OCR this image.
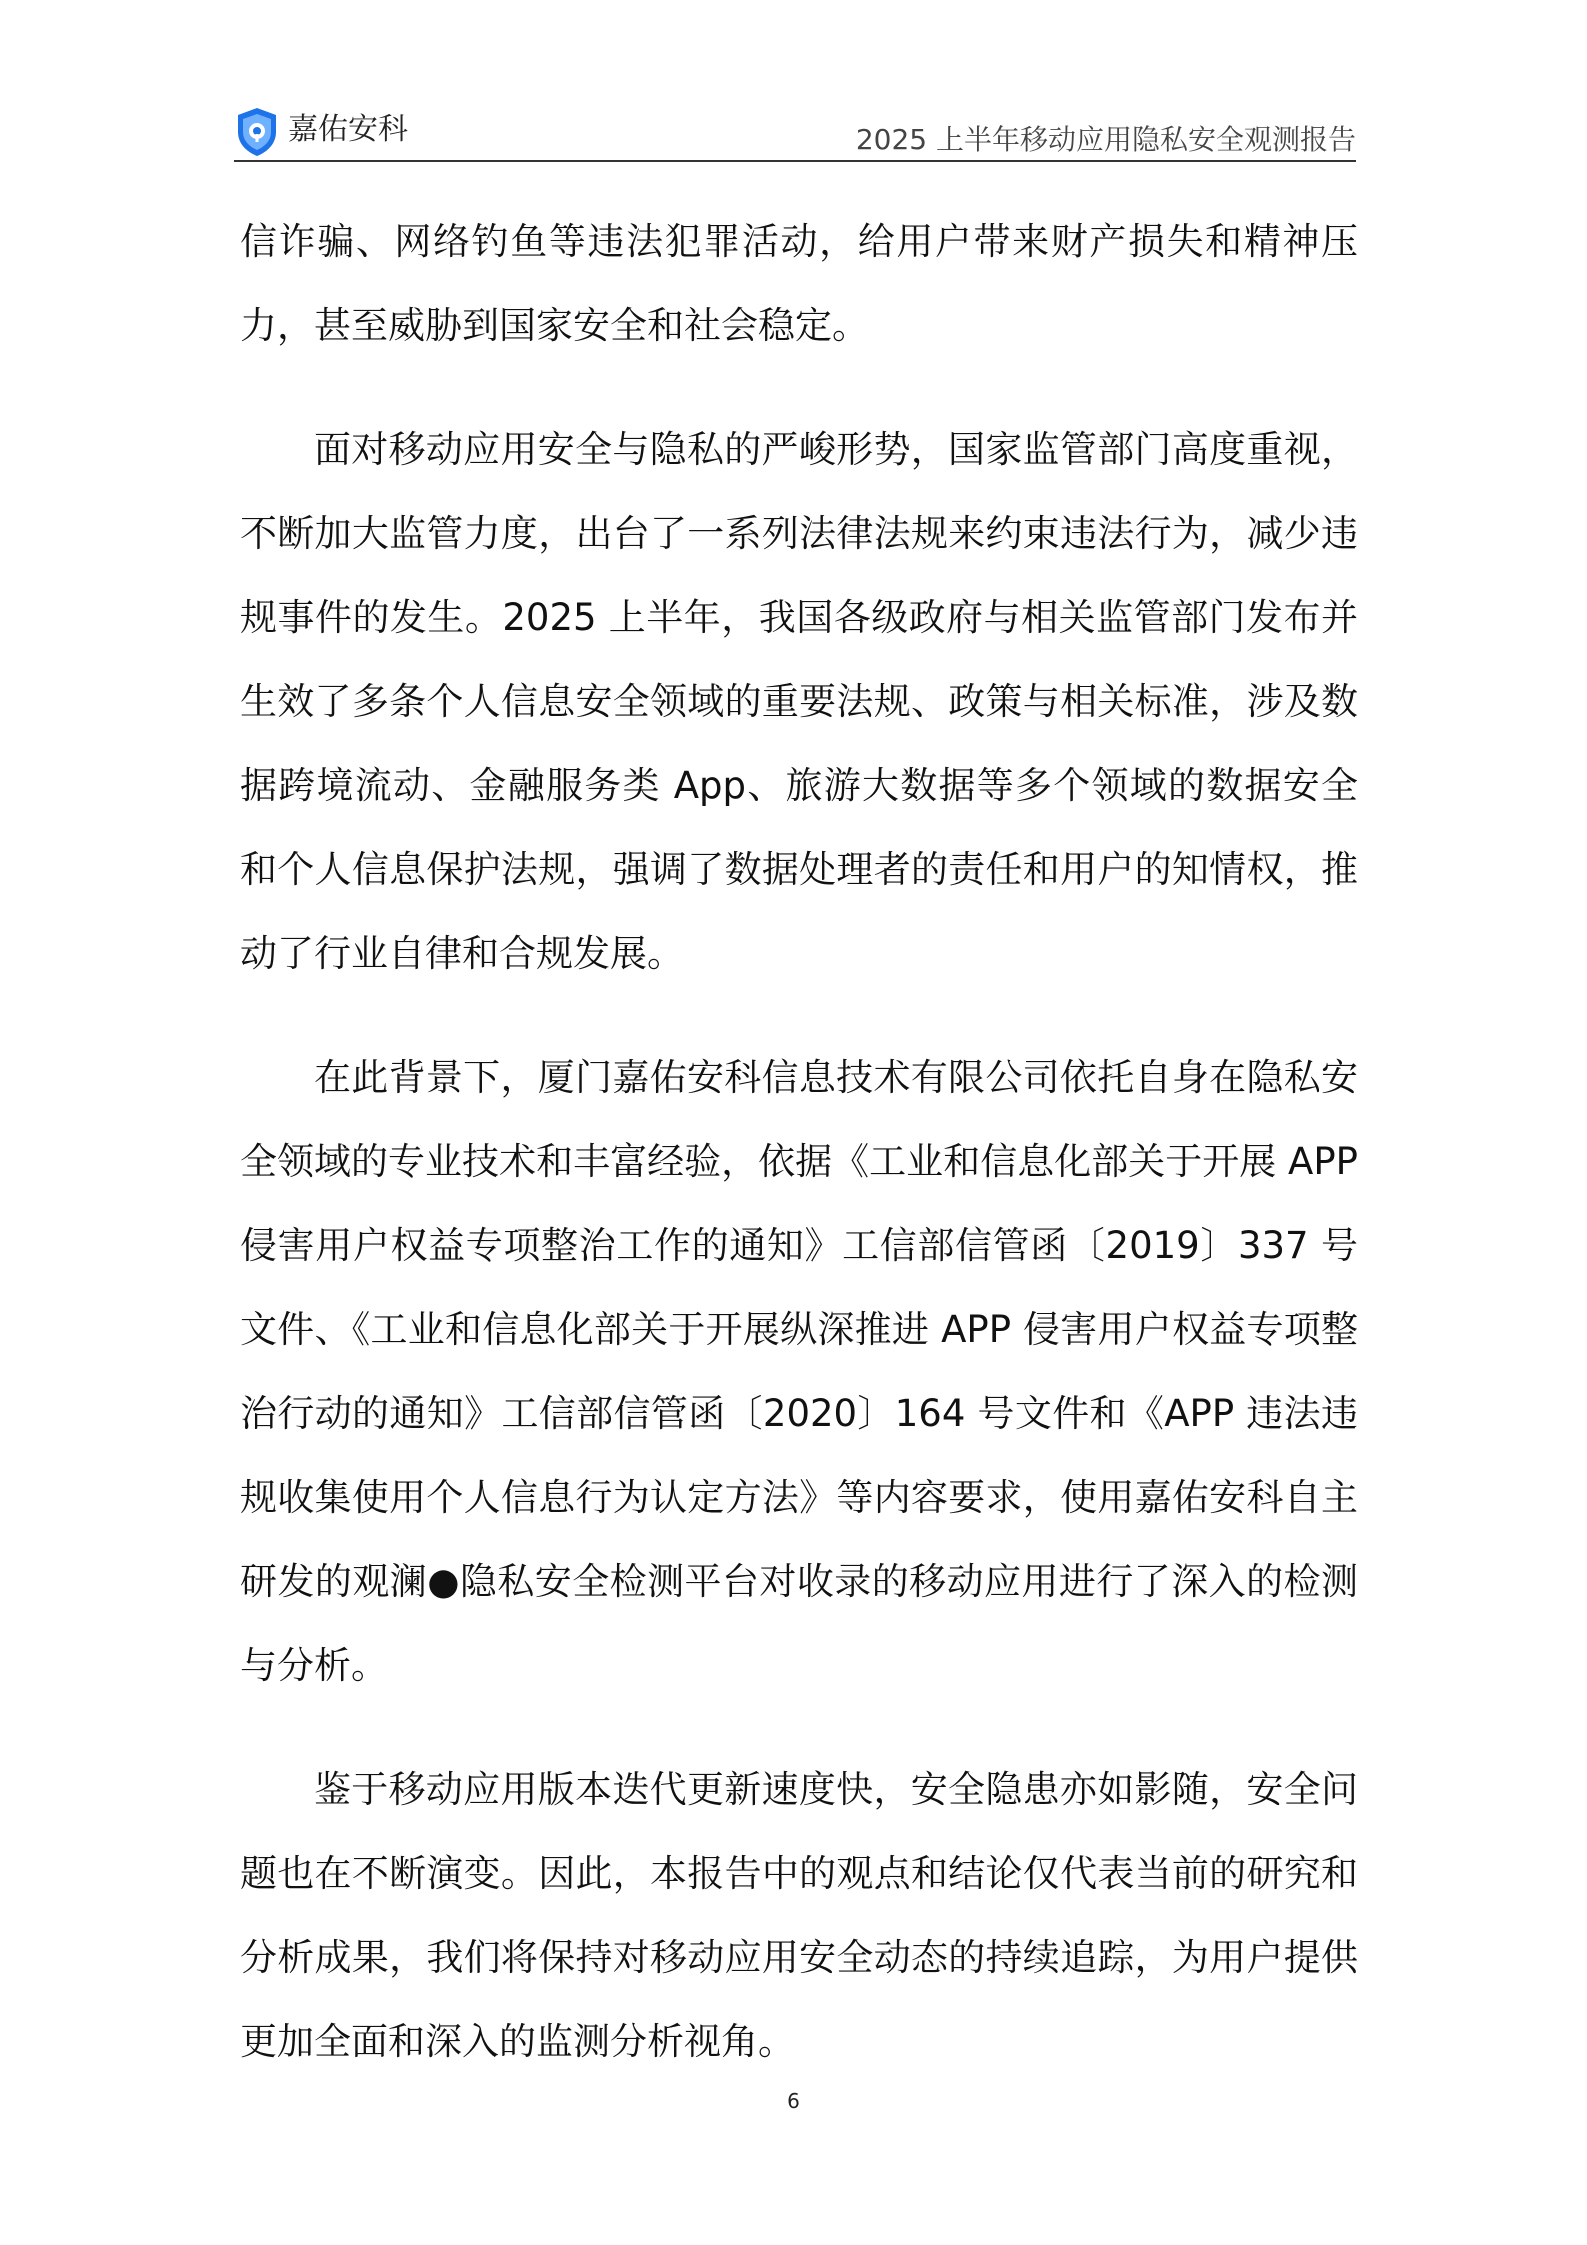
嘉佑安科	2025 上半年移动应用隐私安全观测报告

信诈骗、网络钓鱼等违法犯罪活动，给用户带来财产损失和精神压力，甚至威胁到国家安全和社会稳定。

面对移动应用安全与隐私的严峻形势，国家监管部门高度重视，不断加大监管力度，出台了一系列法律法规来约束违法行为，减少违规事件的发生。2025 上半年，我国各级政府与相关监管部门发布并生效了多条个人信息安全领域的重要法规、政策与相关标准，涉及数据跨境流动、金融服务类 App、旅游大数据等多个领域的数据安全和个人信息保护法规，强调了数据处理者的责任和用户的知情权，推动了行业自律和合规发展。

在此背景下，厦门嘉佑安科信息技术有限公司依托自身在隐私安全领域的专业技术和丰富经验，依据《工业和信息化部关于开展 APP 侵害用户权益专项整治工作的通知》工信部信管函〔2019〕337 号文件、《工业和信息化部关于开展纵深推进 APP 侵害用户权益专项整治行动的通知》工信部信管函〔2020〕164 号文件和《APP 违法违规收集使用个人信息行为认定方法》等内容要求，使用嘉佑安科自主研发的观澜●隐私安全检测平台对收录的移动应用进行了深入的检测与分析。

鉴于移动应用版本迭代更新速度快，安全隐患亦如影随，安全问题也在不断演变。因此，本报告中的观点和结论仅代表当前的研究和分析成果，我们将保持对移动应用安全动态的持续追踪，为用户提供更加全面和深入的监测分析视角。

6
